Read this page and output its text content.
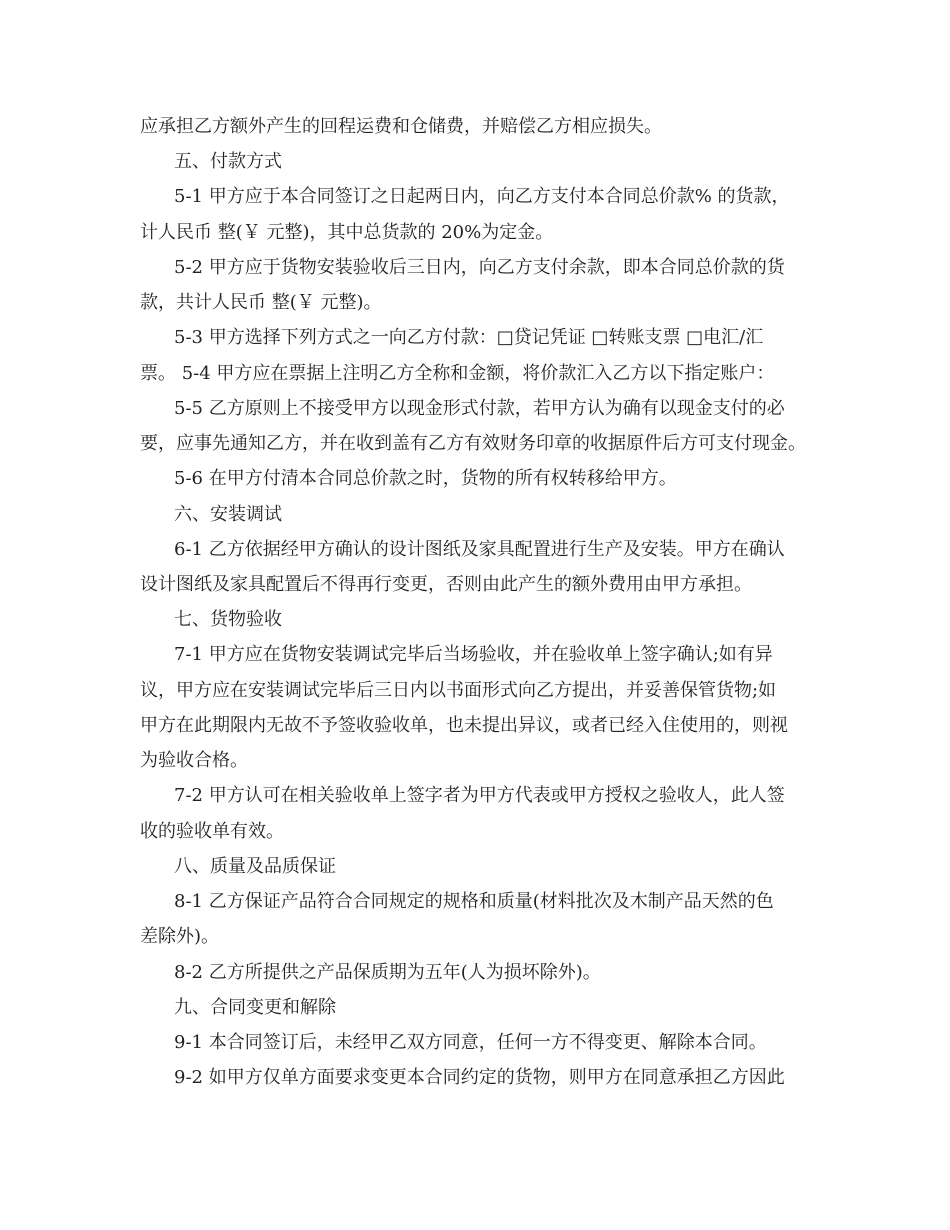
应承担乙方额外产生的回程运费和仓储费，并赔偿乙方相应损失。
五、付款方式
5-1 甲方应于本合同签订之日起两日内，向乙方支付本合同总价款% 的货款，
计人民币 整(￥ 元整)，其中总货款的 20%为定金。
5-2 甲方应于货物安装验收后三日内，向乙方支付余款，即本合同总价款的货
款，共计人民币 整(￥ 元整)。
5-3 甲方选择下列方式之一向乙方付款：□贷记凭证 □转账支票 □电汇/汇
票。 5-4 甲方应在票据上注明乙方全称和金额，将价款汇入乙方以下指定账户：
5-5 乙方原则上不接受甲方以现金形式付款，若甲方认为确有以现金支付的必
要，应事先通知乙方，并在收到盖有乙方有效财务印章的收据原件后方可支付现金。
5-6 在甲方付清本合同总价款之时，货物的所有权转移给甲方。
六、安装调试
6-1 乙方依据经甲方确认的设计图纸及家具配置进行生产及安装。甲方在确认
设计图纸及家具配置后不得再行变更，否则由此产生的额外费用由甲方承担。
七、货物验收
7-1 甲方应在货物安装调试完毕后当场验收，并在验收单上签字确认;如有异
议，甲方应在安装调试完毕后三日内以书面形式向乙方提出，并妥善保管货物;如
甲方在此期限内无故不予签收验收单，也未提出异议，或者已经入住使用的，则视
为验收合格。
7-2 甲方认可在相关验收单上签字者为甲方代表或甲方授权之验收人，此人签
收的验收单有效。
八、质量及品质保证
8-1 乙方保证产品符合合同规定的规格和质量(材料批次及木制产品天然的色
差除外)。
8-2 乙方所提供之产品保质期为五年(人为损坏除外)。
九、合同变更和解除
9-1 本合同签订后，未经甲乙双方同意，任何一方不得变更、解除本合同。
9-2 如甲方仅单方面要求变更本合同约定的货物，则甲方在同意承担乙方因此
